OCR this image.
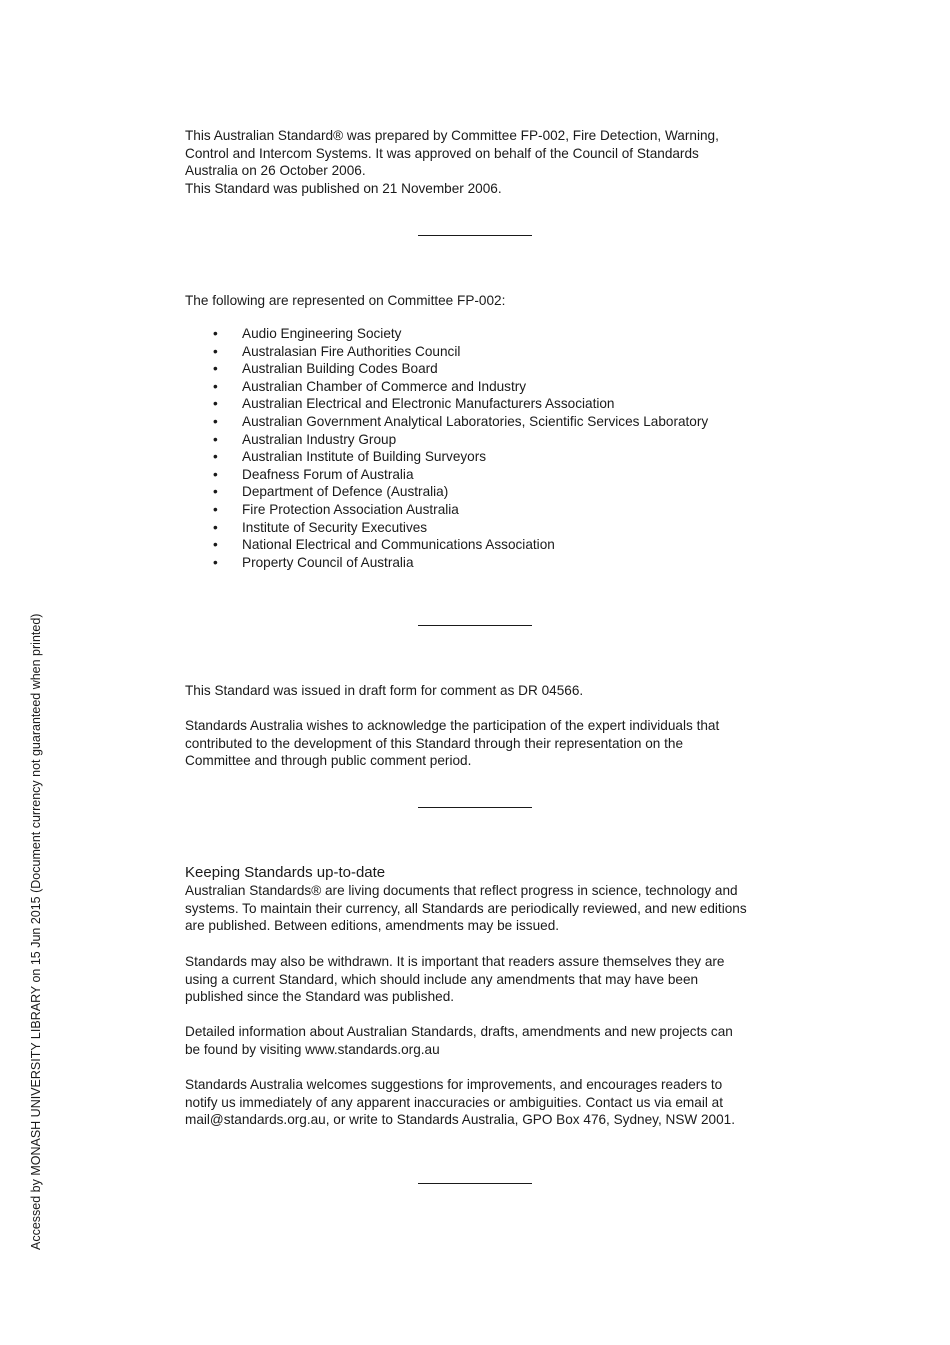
This Australian Standard® was prepared by Committee FP-002, Fire Detection, Warning,

Control and Intercom Systems. It was approved on behalf of the Council of Standards

Australia on 26 October 2006.

This Standard was published on 21 November 2006.

The following are represented on Committee FP-002:

• Audio Engineering Society
• Australasian Fire Authorities Council
• Australian Building Codes Board
• Australian Chamber of Commerce and Industry
• Australian Electrical and Electronic Manufacturers Association
• Australian Government Analytical Laboratories, Scientific Services Laboratory
• Australian Industry Group
• Australian Institute of Building Surveyors
• Deafness Forum of Australia
• Department of Defence (Australia)
• Fire Protection Association Australia
• Institute of Security Executives
• National Electrical and Communications Association
• Property Council of Australia

This Standard was issued in draft form for comment as DR 04566.

Standards Australia wishes to acknowledge the participation of the expert individuals that

contributed to the development of this Standard through their representation on the

Committee and through public comment period.

Keeping Standards up-to-date

Australian Standards® are living documents that reflect progress in science, technology and

systems. To maintain their currency, all Standards are periodically reviewed, and new editions

are published. Between editions, amendments may be issued.

Standards may also be withdrawn. It is important that readers assure themselves they are

using a current Standard, which should include any amendments that may have been

published since the Standard was published.

Detailed information about Australian Standards, drafts, amendments and new projects can

be found by visiting www.standards.org.au

Standards Australia welcomes suggestions for improvements, and encourages readers to

notify us immediately of any apparent inaccuracies or ambiguities. Contact us via email at

mail@standards.org.au, or write to Standards Australia, GPO Box 476, Sydney, NSW 2001.

Accessed by MONASH UNIVERSITY LIBRARY on 15 Jun 2015 (Document currency not guaranteed when printed)
